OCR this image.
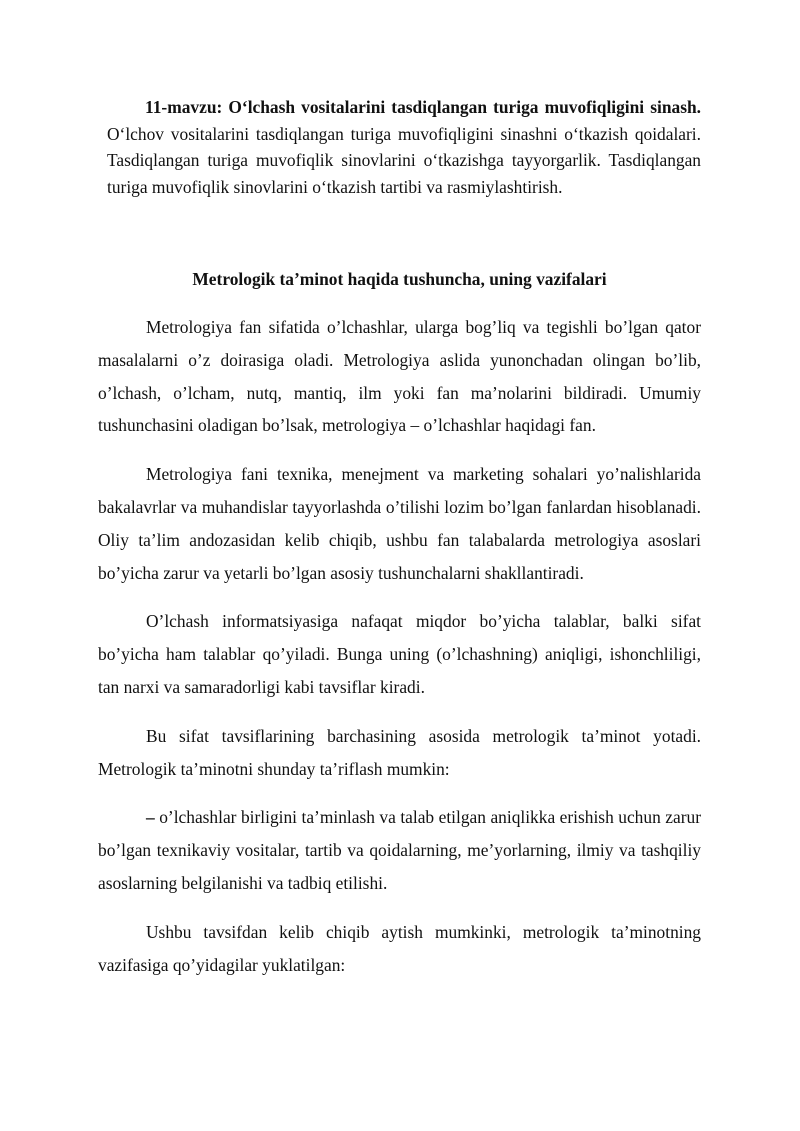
11-mavzu: O‘lchash vositalarini tasdiqlangan turiga muvofiqligini sinash. O‘lchov vositalarini tasdiqlangan turiga muvofiqligini sinashni o‘tkazish qoidalari. Tasdiqlangan turiga muvofiqlik sinovlarini o‘tkazishga tayyorgarlik. Tasdiqlangan turiga muvofiqlik sinovlarini o‘tkazish tartibi va rasmiylashtirish.

Metrologik ta’minot haqida tushuncha, uning vazifalari

Metrologiya fan sifatida o’lchashlar, ularga bog’liq va tegishli bo’lgan qator masalalarni o’z doirasiga oladi. Metrologiya aslida yunonchadan olingan bo’lib, o’lchash, o’lcham, nutq, mantiq, ilm yoki fan ma’nolarini bildiradi. Umumiy tushunchasini oladigan bo’lsak, metrologiya – o’lchashlar haqidagi fan.

Metrologiya fani texnika, menejment va marketing sohalari yo’nalishlarida bakalavrlar va muhandislar tayyorlashda o’tilishi lozim bo’lgan fanlardan hisoblanadi. Oliy ta’lim andozasidan kelib chiqib, ushbu fan talabalarda metrologiya asoslari bo’yicha zarur va yetarli bo’lgan asosiy tushunchalarni shakllantiradi.

O’lchash informatsiyasiga nafaqat miqdor bo’yicha talablar, balki sifat bo’yicha ham talablar qo’yiladi. Bunga uning (o’lchashning) aniqligi, ishonchliligi, tan narxi va samaradorligi kabi tavsiflar kiradi.

Bu sifat tavsiflarining barchasining asosida metrologik ta’minot yotadi. Metrologik ta’minotni shunday ta’riflash mumkin:

– o’lchashlar birligini ta’minlash va talab etilgan aniqlikka erishish uchun zarur bo’lgan texnikaviy vositalar, tartib va qoidalarning, me’yorlarning, ilmiy va tashqiliy asoslarning belgilanishi va tadbiq etilishi.

Ushbu tavsifdan kelib chiqib aytish mumkinki, metrologik ta’minotning vazifasiga qo’yidagilar yuklatilgan:
